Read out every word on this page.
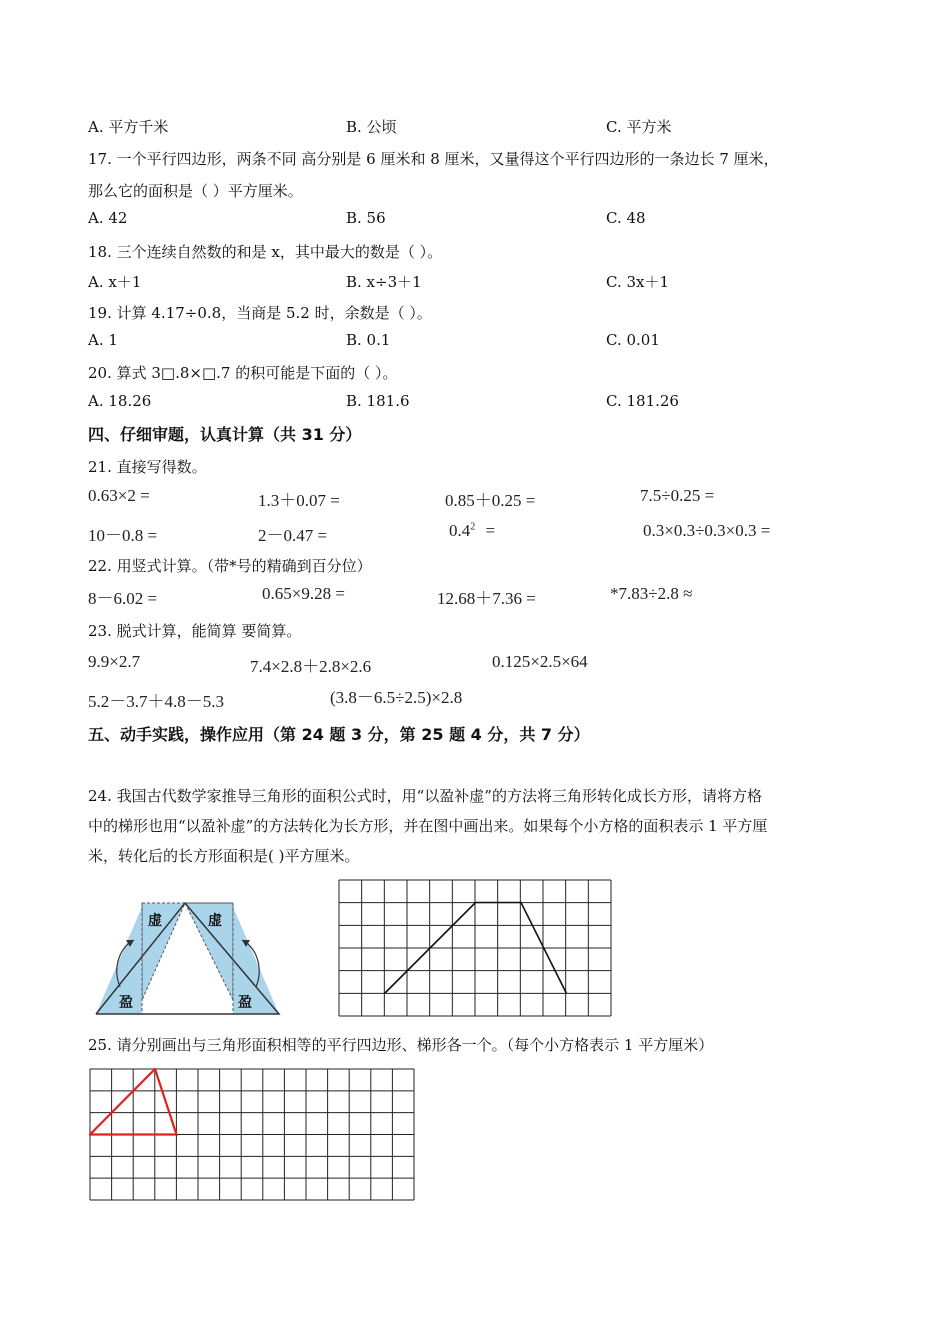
A. 平方千米	B. 公顷	C. 平方米
17. 一个平行四边形，两条不同 高分别是 6 厘米和 8 厘米，又量得这个平行四边形的一条边长 7 厘米，
那么它的面积是（ ）平方厘米。
A. 42	B. 56	C. 48
18. 三个连续自然数的和是 x，其中最大的数是（ ）。
A. x＋1	B. x÷3＋1	C. 3x＋1
19. 计算 4.17÷0.8，当商是 5.2 时，余数是（ ）。
A. 1	B. 0.1	C. 0.01
20. 算式 3□.8×□.7 的积可能是下面的（ ）。
A. 18.26	B. 181.6	C. 181.26
四、仔细审题，认真计算（共 31 分）
21. 直接写得数。
0.63×2 =	1.3＋0.07 =	0.85＋0.25 =	7.5÷0.25 =
10－0.8 =	2－0.47 =	$0.4^2$ =	0.3×0.3÷0.3×0.3 =
22. 用竖式计算。（带*号的精确到百分位）
8－6.02 =	0.65×9.28 =	12.68＋7.36 =	*7.83÷2.8 ≈
23. 脱式计算，能简算 要简算。
9.9×2.7	7.4×2.8＋2.8×2.6	0.125×2.5×64
5.2－3.7＋4.8－5.3	(3.8－6.5÷2.5)×2.8
五、动手实践，操作应用（第 24 题 3 分，第 25 题 4 分，共 7 分）
24. 我国古代数学家推导三角形的面积公式时，用“以盈补虚”的方法将三角形转化成长方形，请将方格
中的梯形也用“以盈补虚”的方法转化为长方形，并在图中画出来。如果每个小方格的面积表示 1 平方厘
米，转化后的长方形面积是( )平方厘米。
虚	虚
盈	盈
25. 请分别画出与三角形面积相等的平行四边形、梯形各一个。（每个小方格表示 1 平方厘米）
